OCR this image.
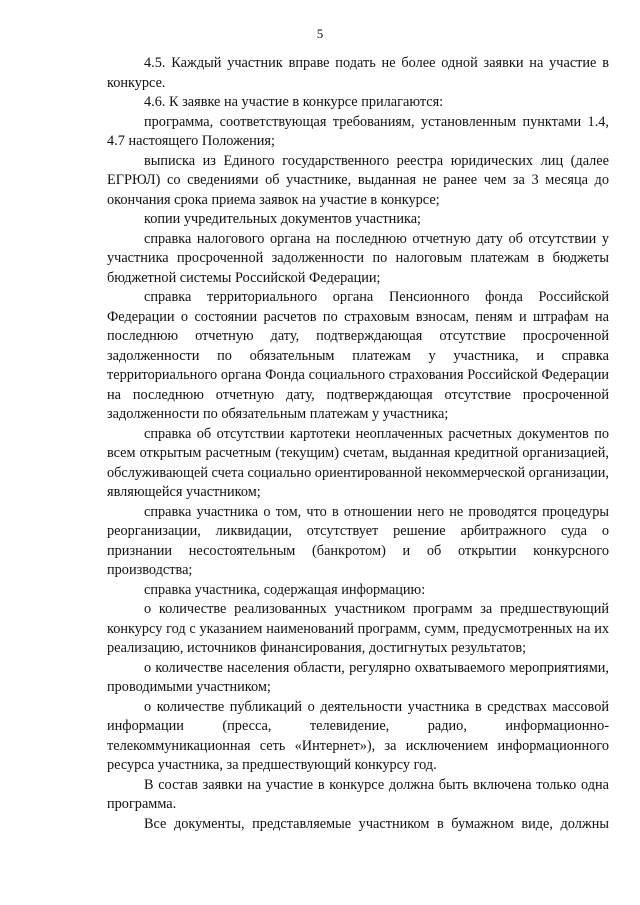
5

4.5. Каждый участник вправе подать не более одной заявки на участие в конкурсе.

4.6. К заявке на участие в конкурсе прилагаются:

программа, соответствующая требованиям, установленным пунктами 1.4, 4.7 настоящего Положения;

выписка из Единого государственного реестра юридических лиц (далее ЕГРЮЛ) со сведениями об участнике, выданная не ранее чем за 3 месяца до окончания срока приема заявок на участие в конкурсе;

копии учредительных документов участника;

справка налогового органа на последнюю отчетную дату об отсутствии у участника просроченной задолженности по налоговым платежам в бюджеты бюджетной системы Российской Федерации;

справка территориального органа Пенсионного фонда Российской Федерации о состоянии расчетов по страховым взносам, пеням и штрафам на последнюю отчетную дату, подтверждающая отсутствие просроченной задолженности по обязательным платежам у участника, и справка территориального органа Фонда социального страхования Российской Федерации на последнюю отчетную дату, подтверждающая отсутствие просроченной задолженности по обязательным платежам у участника;

справка об отсутствии картотеки неоплаченных расчетных документов по всем открытым расчетным (текущим) счетам, выданная кредитной организацией, обслуживающей счета социально ориентированной некоммерческой организации, являющейся участником;

справка участника о том, что в отношении него не проводятся процедуры реорганизации, ликвидации, отсутствует решение арбитражного суда о признании несостоятельным (банкротом) и об открытии конкурсного производства;

справка участника, содержащая информацию:

о количестве реализованных участником программ за предшествующий конкурсу год с указанием наименований программ, сумм, предусмотренных на их реализацию, источников финансирования, достигнутых результатов;

о количестве населения области, регулярно охватываемого мероприятиями, проводимыми участником;

о количестве публикаций о деятельности участника в средствах массовой информации (пресса, телевидение, радио, информационно-телекоммуникационная сеть «Интернет»), за исключением информационного ресурса участника, за предшествующий конкурсу год.

В состав заявки на участие в конкурсе должна быть включена только одна программа.

Все документы, представляемые участником в бумажном виде, должны
